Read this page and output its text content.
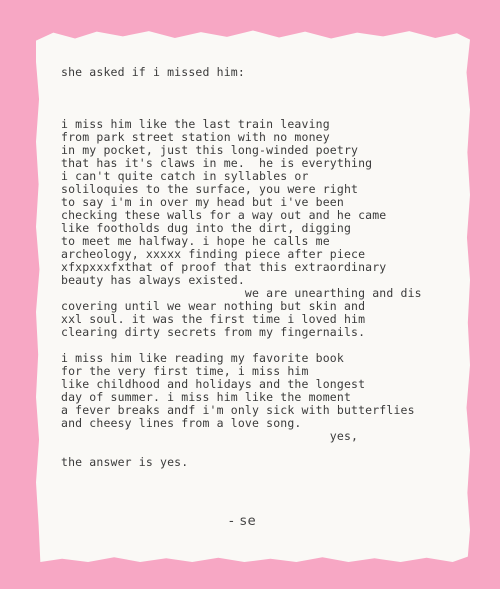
she asked if i missed him:

i miss him like the last train leaving
from park street station with no money
in my pocket, just this long-winded poetry
that has it's claws in me.  he is everything
i can't quite catch in syllables or
soliloquies to the surface, you were right
to say i'm in over my head but i've been
checking these walls for a way out and he came
like footholds dug into the dirt, digging
to meet me halfway. i hope he calls me
archeology, xxxxx finding piece after piece
xfxpxxxfxthat of proof that this extraordinary
beauty has always existed.
we are unearthing and dis
covering until we wear nothing but skin and
xxl soul. it was the first time i loved him
clearing dirty secrets from my fingernails.

i miss him like reading my favorite book
for the very first time, i miss him
like childhood and holidays and the longest
day of summer. i miss him like the moment
a fever breaks andf i'm only sick with butterflies
and cheesy lines from a love song.
yes,

the answer is yes.

- se
